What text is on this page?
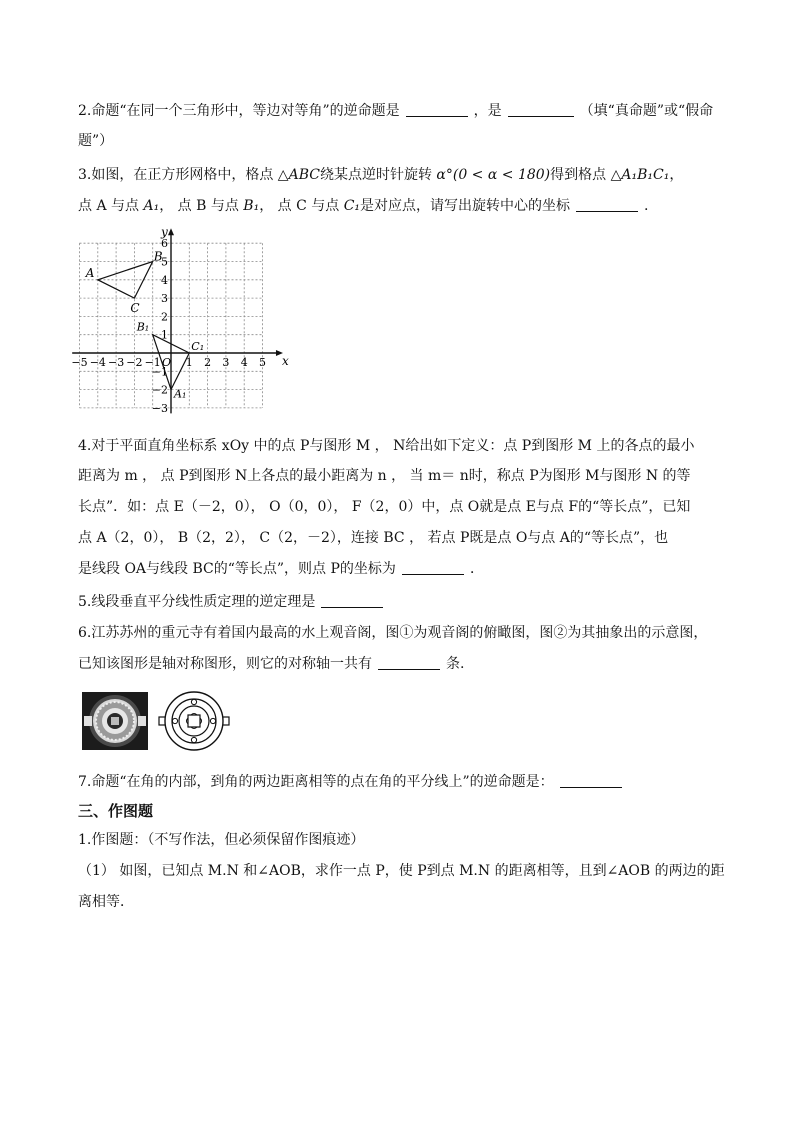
2.命题“在同一个三角形中，等边对等角”的逆命题是	，是	（填“真命题”或“假命
题”）
3.如图，在正方形网格中，格点 △ABC绕某点逆时针旋转 α°(0 < α < 180)得到格点 △A₁B₁C₁，
点 A 与点 A₁， 点 B 与点 B₁， 点 C 与点 C₁是对应点，请写出旋转中心的坐标	.
x
y
O
−5 −4 −3 −2 −1 1 2 3 4 5
6
5
4
3
2
1
−1
−2
−3
A
B
C
A₁
B₁
C₁
4.对于平面直角坐标系 xOy 中的点 P与图形 M ， N给出如下定义：点 P到图形 M 上的各点的最小
距离为 m ， 点 P到图形 N上各点的最小距离为 n ， 当 m＝ n时，称点 P为图形 M与图形 N 的等
长点”．如：点 E（－2，0）， O（0，0）， F（2，0）中，点 O就是点 E与点 F的“等长点”，已知
点 A（2，0）， B（2，2）， C（2，－2），连接 BC ， 若点 P既是点 O与点 A的“等长点”，也
是线段 OA与线段 BC的“等长点”，则点 P的坐标为	．
5.线段垂直平分线性质定理的逆定理是
6.江苏苏州的重元寺有着国内最高的水上观音阁，图①为观音阁的俯瞰图，图②为其抽象出的示意图，
已知该图形是轴对称图形，则它的对称轴一共有	条.
7.命题“在角的内部，到角的两边距离相等的点在角的平分线上”的逆命题是：
三、作图题
1.作图题：（不写作法，但必须保留作图痕迹）
（1） 如图，已知点 M.N 和∠AOB，求作一点 P，使 P到点 M.N 的距离相等，且到∠AOB 的两边的距
离相等．
